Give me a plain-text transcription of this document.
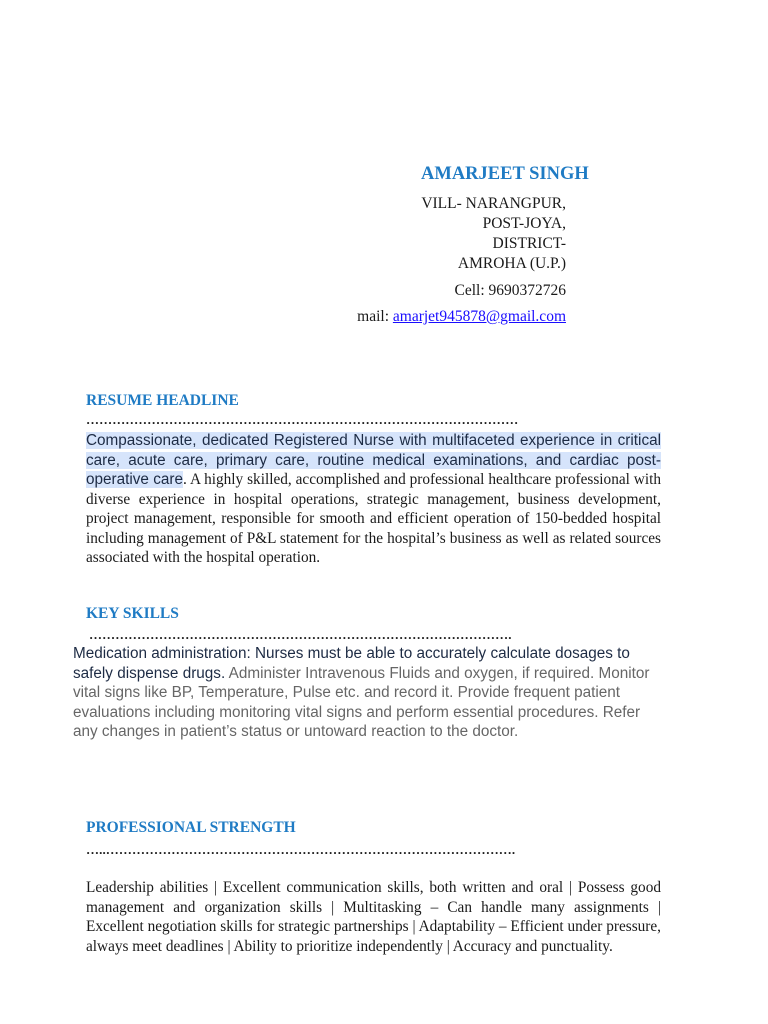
AMARJEET SINGH
VILL- NARANGPUR,
POST-JOYA,
DISTRICT-
AMROHA (U.P.)
Cell: 9690372726
mail: amarjet945878@gmail.com
RESUME HEADLINE
………………………………………………………………………………………
Compassionate, dedicated Registered Nurse with multifaceted experience in critical care, acute care, primary care, routine medical examinations, and cardiac post-operative care. A highly skilled, accomplished and professional healthcare professional with diverse experience in hospital operations, strategic management, business development, project management, responsible for smooth and efficient operation of 150-bedded hospital including management of P&L statement for the hospital’s business as well as related sources associated with the hospital operation.
KEY SKILLS
…………………………………………………………………………………….
Medication administration: Nurses must be able to accurately calculate dosages to safely dispense drugs. Administer Intravenous Fluids and oxygen, if required. Monitor vital signs like BP, Temperature, Pulse etc. and record it. Provide frequent patient evaluations including monitoring vital signs and perform essential procedures. Refer any changes in patient’s status or untoward reaction to the doctor.
PROFESSIONAL STRENGTH
…..………………………………………………………………………………….
Leadership abilities | Excellent communication skills, both written and oral | Possess good management and organization skills | Multitasking – Can handle many assignments | Excellent negotiation skills for strategic partnerships | Adaptability – Efficient under pressure, always meet deadlines | Ability to prioritize independently | Accuracy and punctuality.
